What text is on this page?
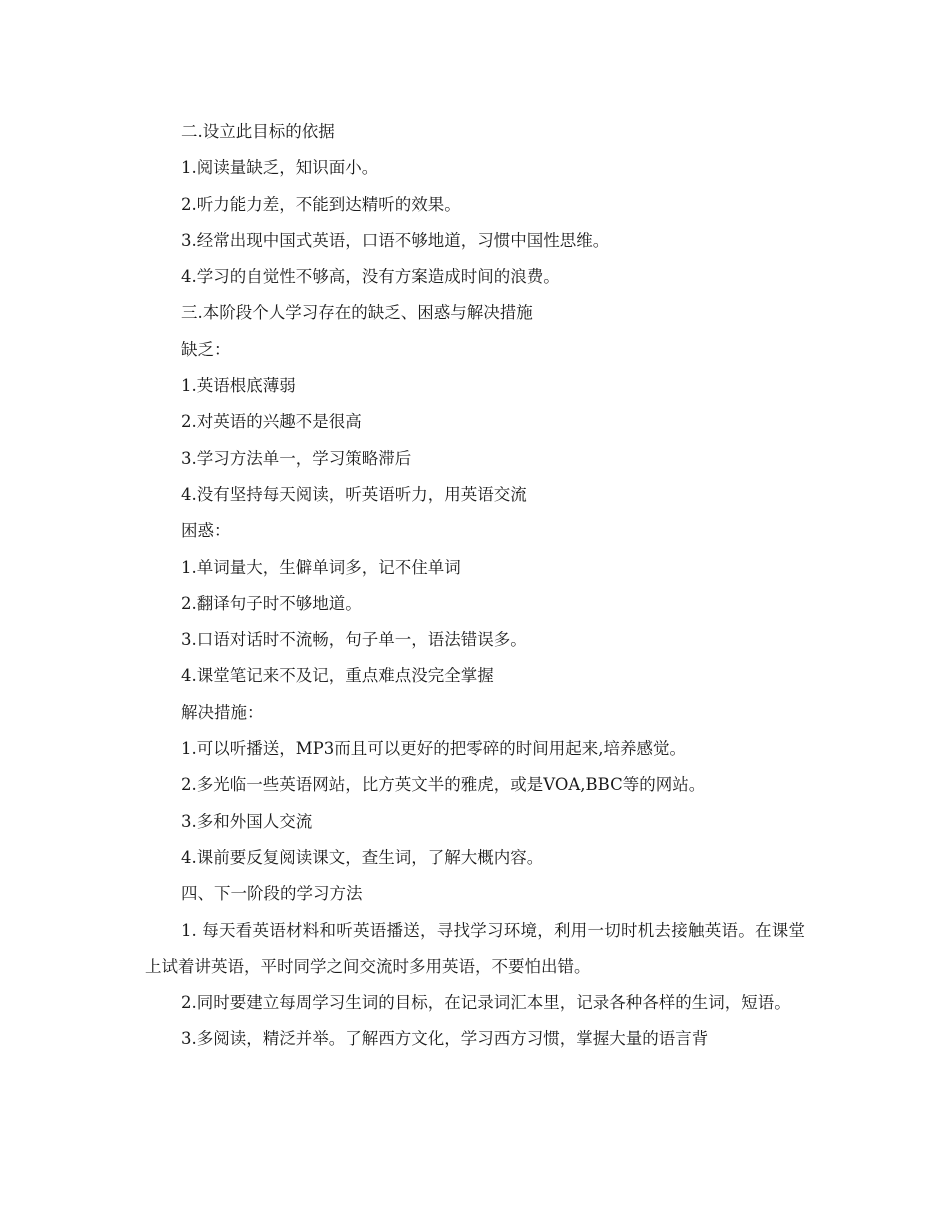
二.设立此目标的依据
1.阅读量缺乏，知识面小。
2.听力能力差，不能到达精听的效果。
3.经常出现中国式英语，口语不够地道，习惯中国性思维。
4.学习的自觉性不够高，没有方案造成时间的浪费。
三.本阶段个人学习存在的缺乏、困惑与解决措施
缺乏：
1.英语根底薄弱
2.对英语的兴趣不是很高
3.学习方法单一，学习策略滞后
4.没有坚持每天阅读，听英语听力，用英语交流
困惑：
1.单词量大，生僻单词多，记不住单词
2.翻译句子时不够地道。
3.口语对话时不流畅，句子单一，语法错误多。
4.课堂笔记来不及记，重点难点没完全掌握
解决措施：
1.可以听播送，MP3而且可以更好的把零碎的时间用起来,培养感觉。
2.多光临一些英语网站，比方英文半的雅虎，或是VOA,BBC等的网站。
3.多和外国人交流
4.课前要反复阅读课文，查生词，了解大概内容。
四、下一阶段的学习方法

1. 每天看英语材料和听英语播送，寻找学习环境，利用一切时机去接触英语。在课堂上试着讲英语，平时同学之间交流时多用英语，不要怕出错。

2.同时要建立每周学习生词的目标，在记录词汇本里，记录各种各样的生词，短语。

3.多阅读，精泛并举。了解西方文化，学习西方习惯，掌握大量的语言背
